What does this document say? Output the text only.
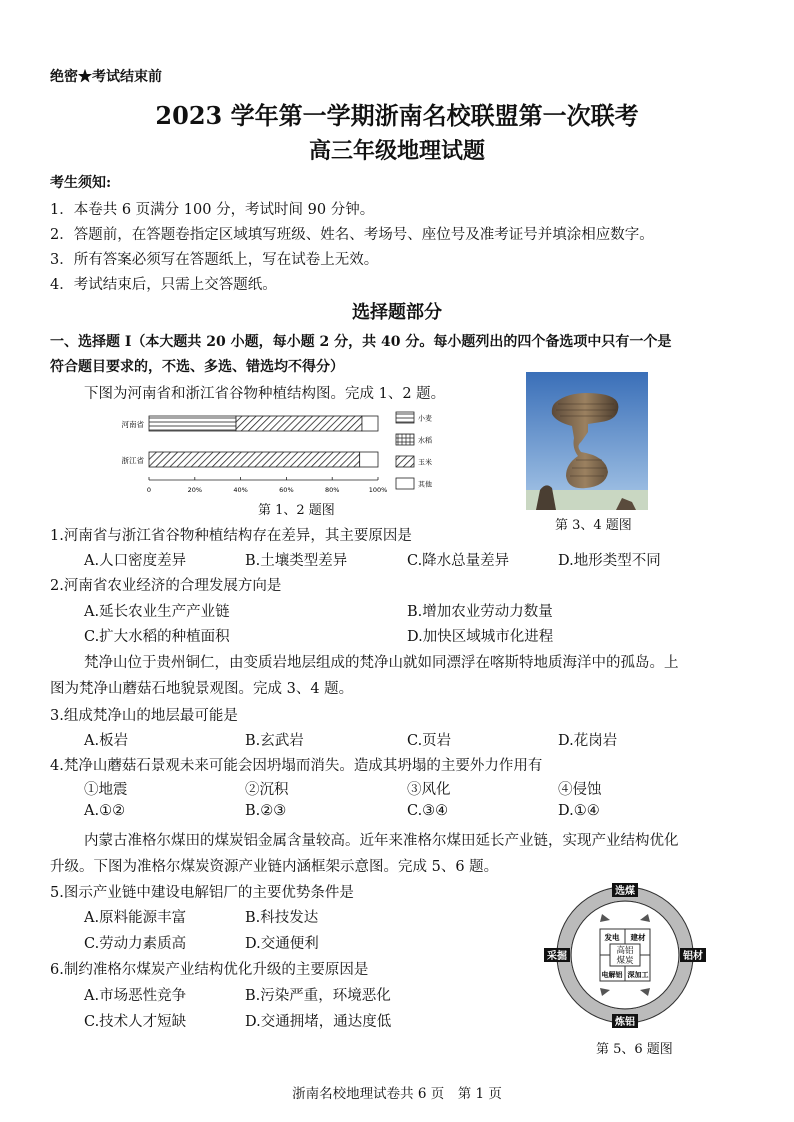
绝密★考试结束前
2023 学年第一学期浙南名校联盟第一次联考
高三年级地理试题
考生须知:
1．本卷共 6 页满分 100 分，考试时间 90 分钟。
2．答题前，在答题卷指定区域填写班级、姓名、考场号、座位号及准考证号并填涂相应数字。
3．所有答案必须写在答题纸上，写在试卷上无效。
4．考试结束后，只需上交答题纸。
选择题部分
一、选择题 I（本大题共 20 小题，每小题 2 分，共 40 分。每小题列出的四个备选项中只有一个是
符合题目要求的，不选、多选、错选均不得分）
下图为河南省和浙江省谷物种植结构图。完成 1、2 题。
河南省
浙江省
0	20%	40%	60%	80%	100%
小麦
水稻
玉米
其他
第 1、2 题图
第 3、4 题图
1.河南省与浙江省谷物种植结构存在差异，其主要原因是
A.人口密度差异	B.土壤类型差异	C.降水总量差异	D.地形类型不同
2.河南省农业经济的合理发展方向是
A.延长农业生产产业链	B.增加农业劳动力数量
C.扩大水稻的种植面积	D.加快区域城市化进程
梵净山位于贵州铜仁，由变质岩地层组成的梵净山就如同漂浮在喀斯特地质海洋中的孤岛。上
图为梵净山蘑菇石地貌景观图。完成 3、4 题。
3.组成梵净山的地层最可能是
A.板岩	B.玄武岩	C.页岩	D.花岗岩
4.梵净山蘑菇石景观未来可能会因坍塌而消失。造成其坍塌的主要外力作用有
①地震	②沉积	③风化	④侵蚀
A.①②	B.②③	C.③④	D.①④
内蒙古准格尔煤田的煤炭铝金属含量较高。近年来准格尔煤田延长产业链，实现产业结构优化
升级。下图为准格尔煤炭资源产业链内涵框架示意图。完成 5、6 题。
5.图示产业链中建设电解铝厂的主要优势条件是
A.原料能源丰富	B.科技发达
C.劳动力素质高	D.交通便利
6.制约准格尔煤炭产业结构优化升级的主要原因是
A.市场恶性竞争	B.污染严重，环境恶化
C.技术人才短缺	D.交通拥堵，通达度低
选煤
铝材
炼铝
采掘
发电 建材
电解铝 深加工
高铝
煤炭
第 5、6 题图
浙南名校地理试卷共 6 页　第 1 页
